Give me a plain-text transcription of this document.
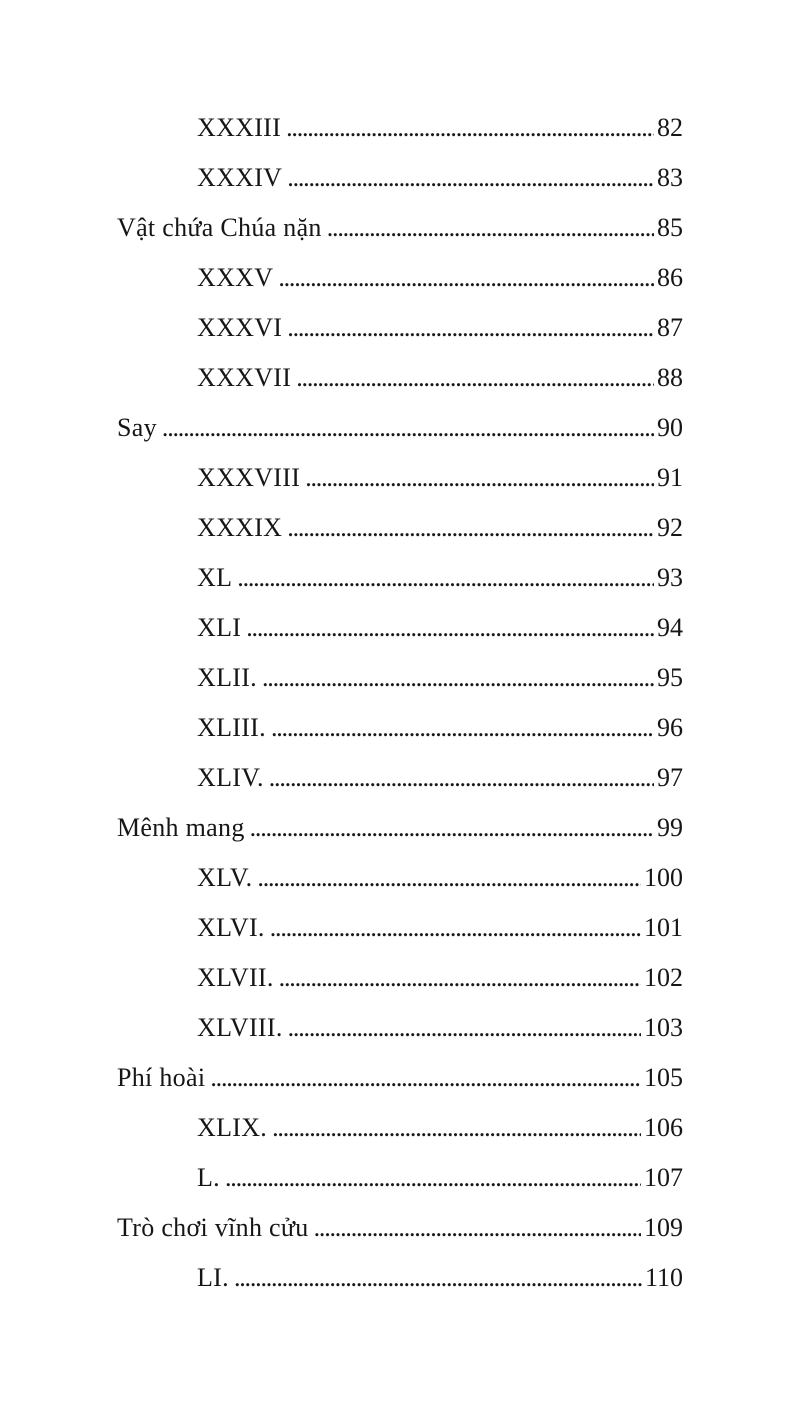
XXXIII .....	82
XXXIV .....	83
Vật chứa Chúa nặn .....	85
XXXV .....	86
XXXVI .....	87
XXXVII .....	88
Say .....	90
XXXVIII .....	91
XXXIX .....	92
XL .....	93
XLI .....	94
XLII. .....	95
XLIII. .....	96
XLIV. .....	97
Mênh mang .....	99
XLV. .....	100
XLVI. .....	101
XLVII. .....	102
XLVIII. .....	103
Phí hoài .....	105
XLIX. .....	106
L. .....	107
Trò chơi vĩnh cửu .....	109
LI. .....	110
